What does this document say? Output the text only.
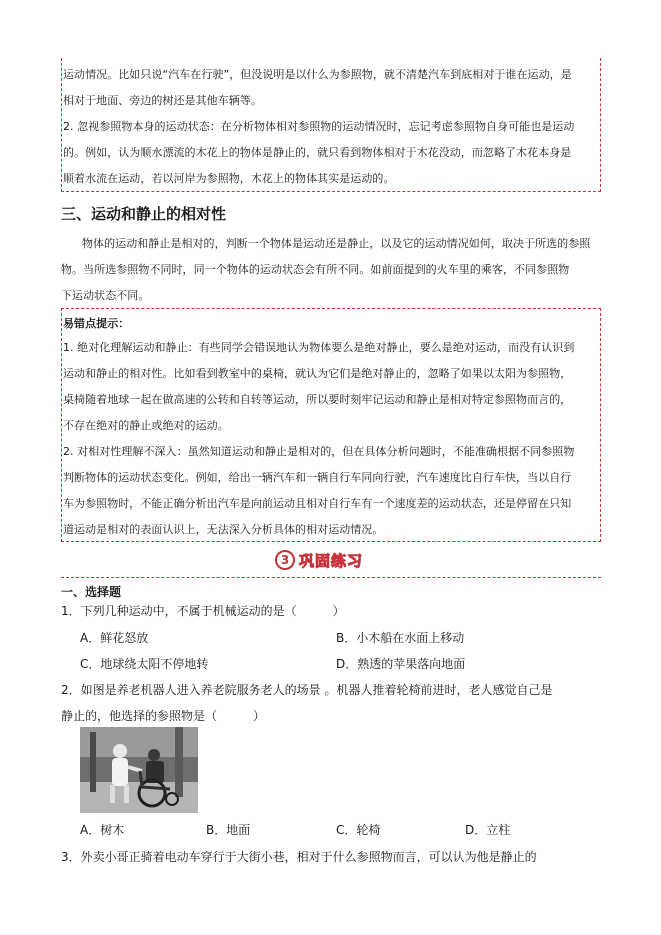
运动情况。比如只说“汽车在行驶”，但没说明是以什么为参照物，就不清楚汽车到底相对于谁在运动，是
相对于地面、旁边的树还是其他车辆等。
2. 忽视参照物本身的运动状态：在分析物体相对参照物的运动情况时，忘记考虑参照物自身可能也是运动
的。例如，认为顺水漂流的木花上的物体是静止的，就只看到物体相对于木花没动，而忽略了木花本身是
顺着水流在运动，若以河岸为参照物，木花上的物体其实是运动的。
三、运动和静止的相对性
物体的运动和静止是相对的，判断一个物体是运动还是静止，以及它的运动情况如何，取决于所选的参照
物。当所选参照物不同时，同一个物体的运动状态会有所不同。如前面提到的火车里的乘客，不同参照物
下运动状态不同。
易错点提示：
1. 绝对化理解运动和静止：有些同学会错误地认为物体要么是绝对静止，要么是绝对运动，而没有认识到
运动和静止的相对性。比如看到教室中的桌椅，就认为它们是绝对静止的，忽略了如果以太阳为参照物，
桌椅随着地球一起在做高速的公转和自转等运动，所以要时刻牢记运动和静止是相对特定参照物而言的，
不存在绝对的静止或绝对的运动。
2. 对相对性理解不深入：虽然知道运动和静止是相对的，但在具体分析问题时，不能准确根据不同参照物
判断物体的运动状态变化。例如，给出一辆汽车和一辆自行车同向行驶，汽车速度比自行车快，当以自行
车为参照物时，不能正确分析出汽车是向前运动且相对自行车有一个速度差的运动状态，还是停留在只知
道运动是相对的表面认识上，无法深入分析具体的相对运动情况。
3 巩固练习
一、选择题
1．下列几种运动中，不属于机械运动的是（　　　）
A．鲜花怒放	B．小木船在水面上移动
C．地球绕太阳不停地转	D．熟透的苹果落向地面
2．如图是养老机器人进入养老院服务老人的场景 。机器人推着轮椅前进时，老人感觉自己是
静止的，他选择的参照物是（　　　）
A．树木	B．地面	C．轮椅	D．立柱
3．外卖小哥正骑着电动车穿行于大街小巷，相对于什么参照物而言，可以认为他是静止的
